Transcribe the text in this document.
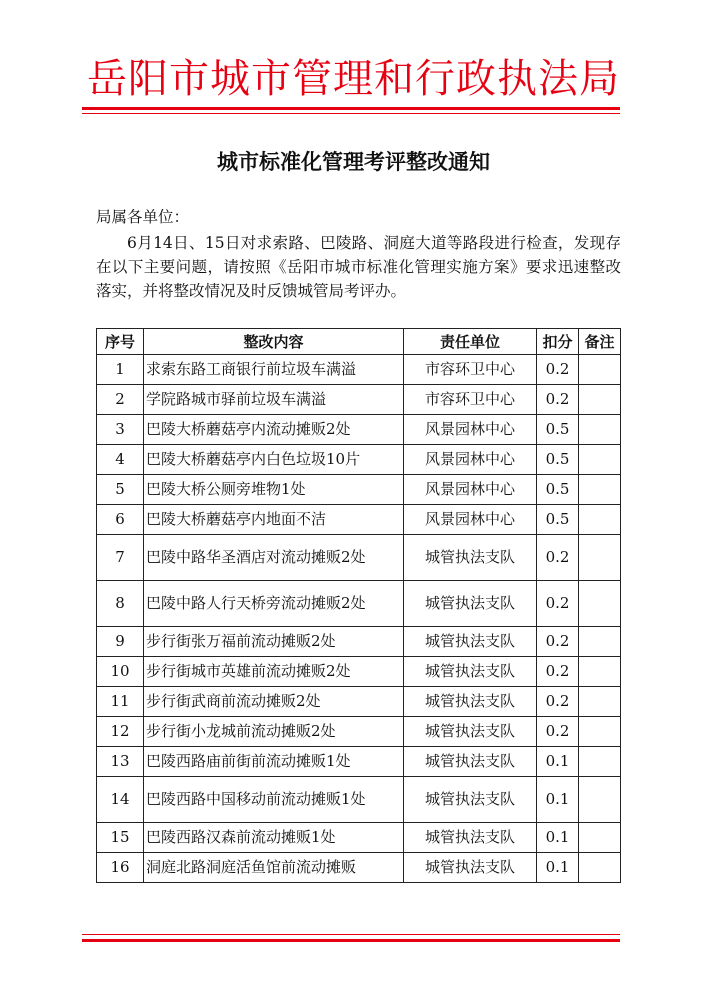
岳阳市城市管理和行政执法局
城市标准化管理考评整改通知
局属各单位：

6月14日、15日对求索路、巴陵路、洞庭大道等路段进行检查，发现存在以下主要问题，请按照《岳阳市城市标准化管理实施方案》要求迅速整改落实，并将整改情况及时反馈城管局考评办。

序号	整改内容	责任单位	扣分	备注
1	求索东路工商银行前垃圾车满溢	市容环卫中心	0.2	
2	学院路城市驿前垃圾车满溢	市容环卫中心	0.2	
3	巴陵大桥蘑菇亭内流动摊贩2处	风景园林中心	0.5	
4	巴陵大桥蘑菇亭内白色垃圾10片	风景园林中心	0.5	
5	巴陵大桥公厕旁堆物1处	风景园林中心	0.5	
6	巴陵大桥蘑菇亭内地面不洁	风景园林中心	0.5	
7	巴陵中路华圣酒店对流动摊贩2处	城管执法支队	0.2	
8	巴陵中路人行天桥旁流动摊贩2处	城管执法支队	0.2	
9	步行街张万福前流动摊贩2处	城管执法支队	0.2	
10	步行街城市英雄前流动摊贩2处	城管执法支队	0.2	
11	步行街武商前流动摊贩2处	城管执法支队	0.2	
12	步行街小龙城前流动摊贩2处	城管执法支队	0.2	
13	巴陵西路庙前街前流动摊贩1处	城管执法支队	0.1	
14	巴陵西路中国移动前流动摊贩1处	城管执法支队	0.1	
15	巴陵西路汉森前流动摊贩1处	城管执法支队	0.1	
16	洞庭北路洞庭活鱼馆前流动摊贩	城管执法支队	0.1	
